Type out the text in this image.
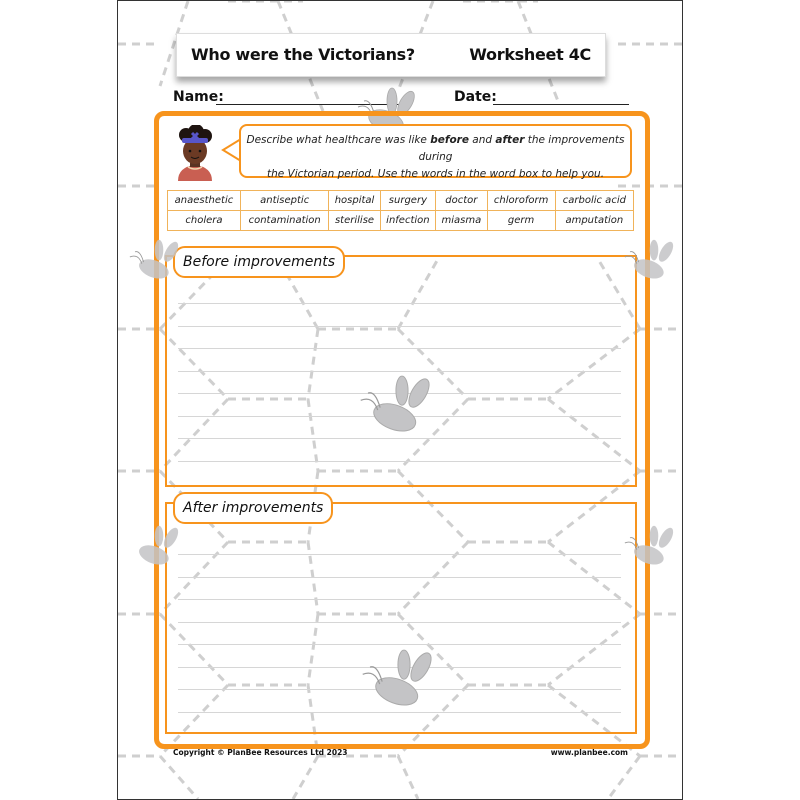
Who were the Victorians?	Worksheet 4C
Name:	Date:
Describe what healthcare was like before and after the improvements during
the Victorian period. Use the words in the word box to help you.
anaesthetic	antiseptic	hospital	surgery	doctor	chloroform	carbolic acid
cholera	contamination	sterilise	infection	miasma	germ	amputation
Before improvements
After improvements
Copyright © PlanBee Resources Ltd 2023	www.planbee.com
